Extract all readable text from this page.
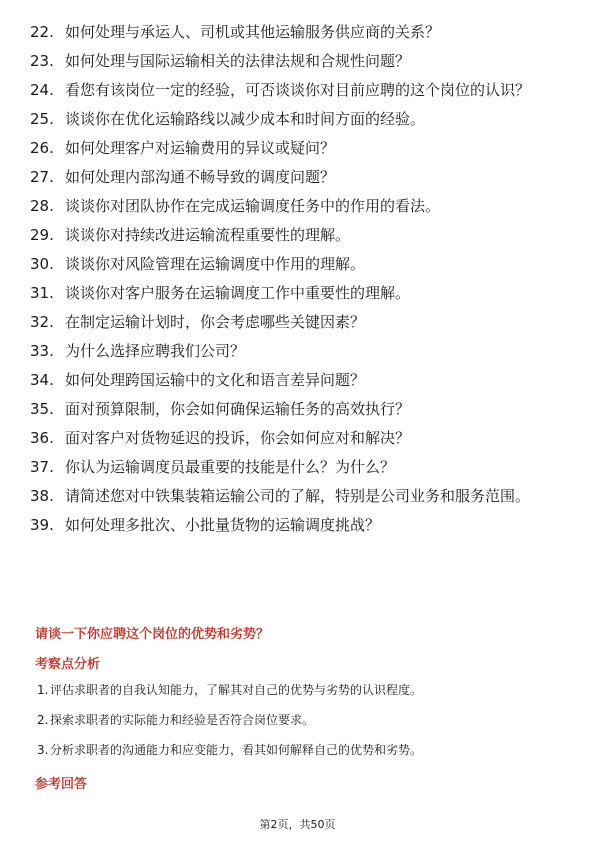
22. 如何处理与承运人、司机或其他运输服务供应商的关系？
23. 如何处理与国际运输相关的法律法规和合规性问题？
24. 看您有该岗位一定的经验，可否谈谈你对目前应聘的这个岗位的认识？
25. 谈谈你在优化运输路线以减少成本和时间方面的经验。
26. 如何处理客户对运输费用的异议或疑问？
27. 如何处理内部沟通不畅导致的调度问题？
28. 谈谈你对团队协作在完成运输调度任务中的作用的看法。
29. 谈谈你对持续改进运输流程重要性的理解。
30. 谈谈你对风险管理在运输调度中作用的理解。
31. 谈谈你对客户服务在运输调度工作中重要性的理解。
32. 在制定运输计划时，你会考虑哪些关键因素？
33. 为什么选择应聘我们公司？
34. 如何处理跨国运输中的文化和语言差异问题？
35. 面对预算限制，你会如何确保运输任务的高效执行？
36. 面对客户对货物延迟的投诉，你会如何应对和解决？
37. 你认为运输调度员最重要的技能是什么？为什么？
38. 请简述您对中铁集装箱运输公司的了解，特别是公司业务和服务范围。
39. 如何处理多批次、小批量货物的运输调度挑战？
请谈一下你应聘这个岗位的优势和劣势？
考察点分析
1. 评估求职者的自我认知能力，了解其对自己的优势与劣势的认识程度。
2. 探索求职者的实际能力和经验是否符合岗位要求。
3. 分析求职者的沟通能力和应变能力，看其如何解释自己的优势和劣势。
参考回答
第2页，共50页
